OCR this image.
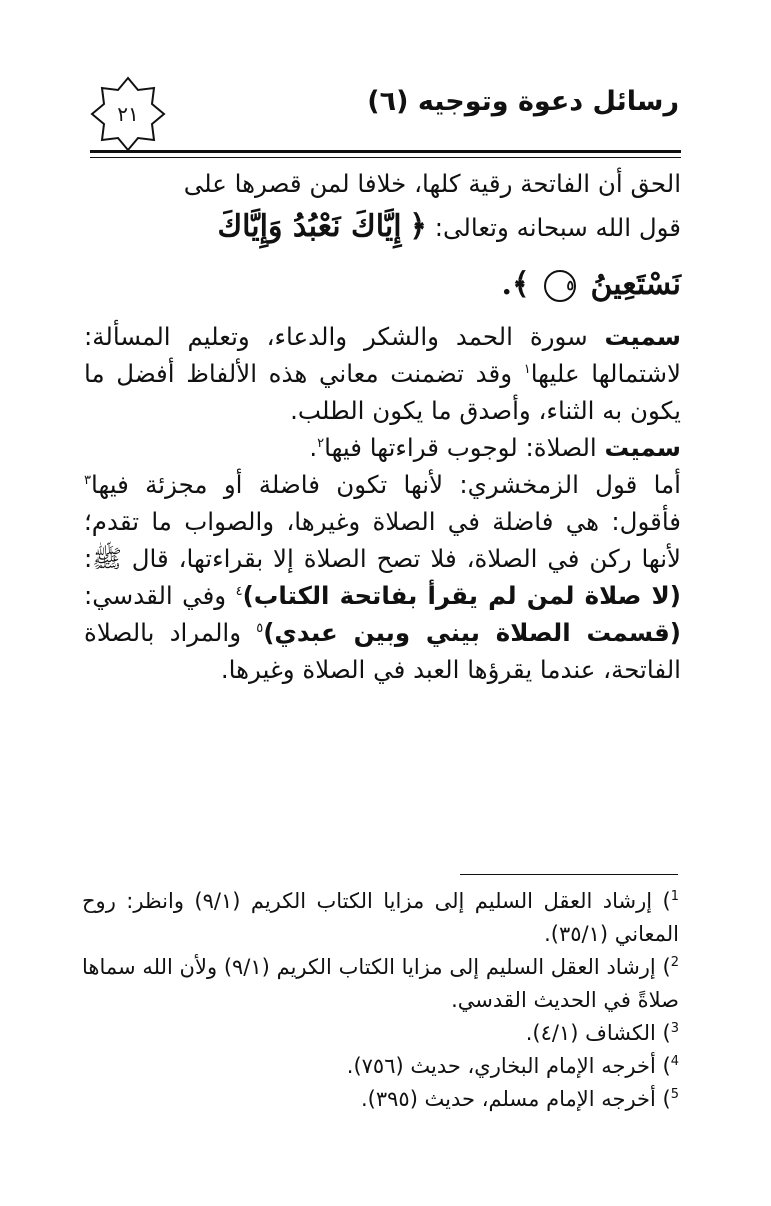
رسائل دعوة وتوجيه (٦)
٢١

الحق أن الفاتحة رقية كلها، خلافا لمن قصرها على

قول الله سبحانه وتعالى: ﴿ إِيَّاكَ نَعْبُدُ وَإِيَّاكَ

نَسْتَعِينُ ٥ ﴾.

سميت سورة الحمد والشكر والدعاء، وتعليم المسألة: لاشتمالها عليها$^١$ وقد تضمنت معاني هذه الألفاظ أفضل ما يكون به الثناء، وأصدق ما يكون الطلب.

سميت الصلاة: لوجوب قراءتها فيها$^٢$.

أما قول الزمخشري: لأنها تكون فاضلة أو مجزئة فيها$^٣$ فأقول: هي فاضلة في الصلاة وغيرها، والصواب ما تقدم؛ لأنها ركن في الصلاة، فلا تصح الصلاة إلا بقراءتها، قال ﷺ: (لا صلاة لمن لم يقرأ بفاتحة الكتاب)$^٤$ وفي القدسي: (قسمت الصلاة بيني وبين عبدي)$^٥$ والمراد بالصلاة الفاتحة، عندما يقرؤها العبد في الصلاة وغيرها.

$^1$) إرشاد العقل السليم إلى مزايا الكتاب الكريم (٩/١) وانظر: روح المعاني (٣٥/١).

$^2$) إرشاد العقل السليم إلى مزايا الكتاب الكريم (٩/١) ولأن الله سماها صلاةً في الحديث القدسي.

$^3$) الكشاف (٤/١).

$^4$) أخرجه الإمام البخاري، حديث (٧٥٦).

$^5$) أخرجه الإمام مسلم، حديث (٣٩٥).
